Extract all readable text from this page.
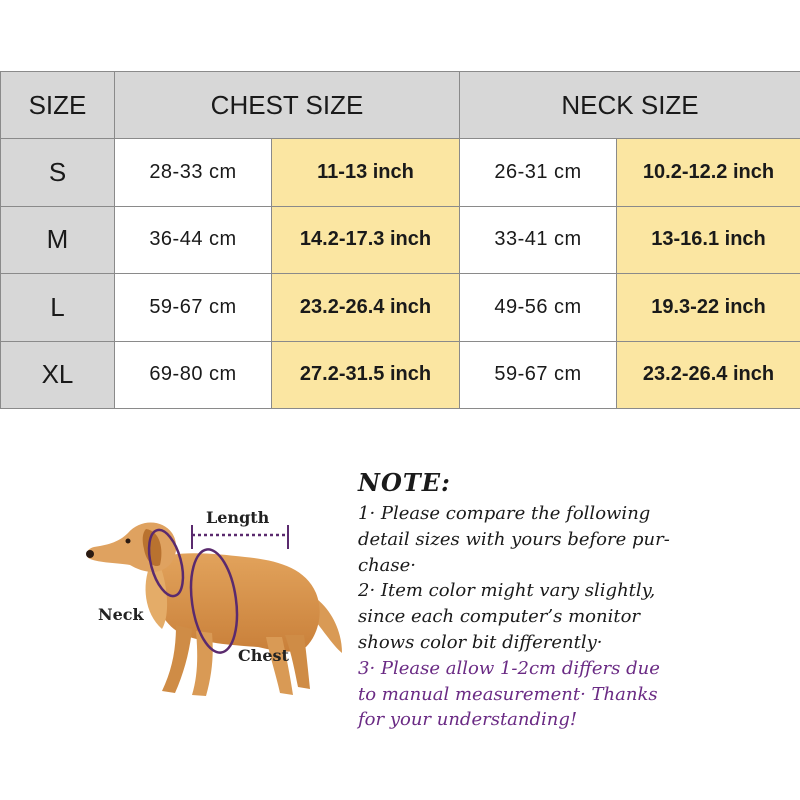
SIZE	CHEST SIZE		NECK SIZE	
S	28-33 cm	11-13 inch	26-31 cm	10.2-12.2 inch
M	36-44 cm	14.2-17.3 inch	33-41 cm	13-16.1 inch
L	59-67 cm	23.2-26.4 inch	49-56 cm	19.3-22 inch
XL	69-80 cm	27.2-31.5 inch	59-67 cm	23.2-26.4 inch
Length
Neck
Chest
NOTE:
1· Please compare the following
detail sizes with yours before pur-
chase·
2· Item color might vary slightly,
since each computer’s monitor
shows color bit differently·
3· Please allow 1-2cm differs due
to manual measurement· Thanks
for your understanding!
